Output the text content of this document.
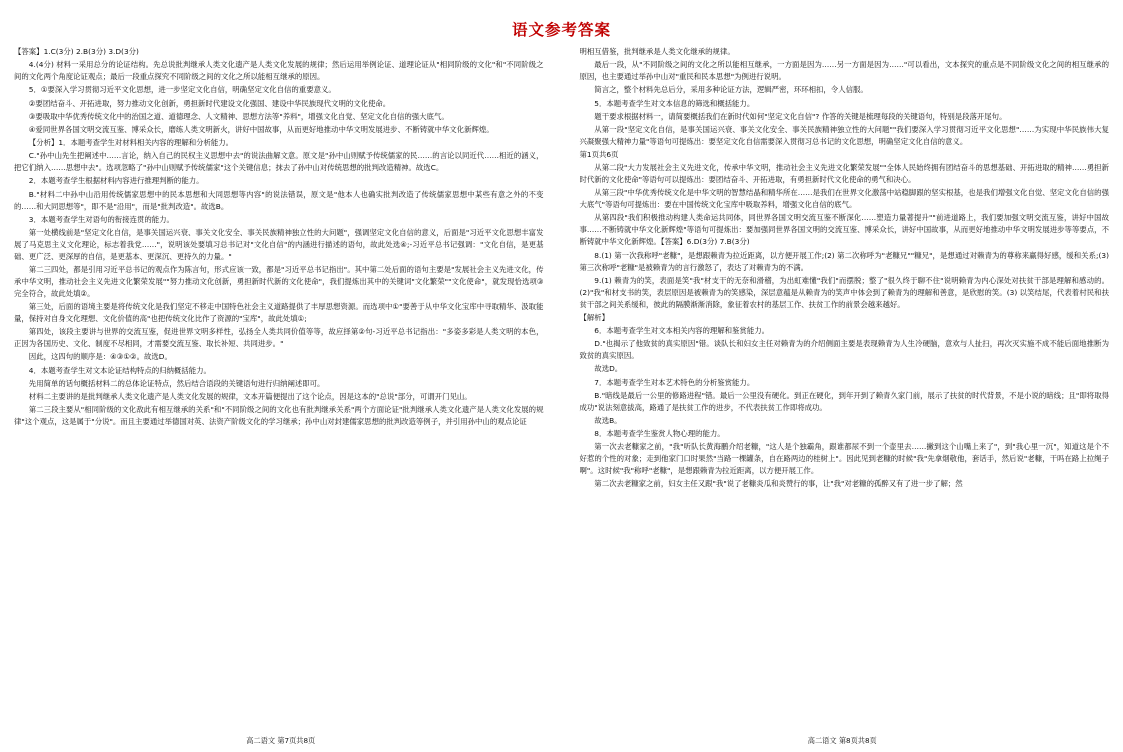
语文参考答案

【答案】1.C(3分) 2.B(3分) 3.D(3分)

4.(4分) 材料一采用总分的论证结构。先总说批判继承人类文化遗产是人类文化发展的规律；然后运用举例论证、道理论证从"相同阶级的文化"和"不同阶级之间的文化两个角度论证观点；最后一段重点探究不同阶级之间的文化之所以能相互继承的原因。

5．①要深入学习贯彻习近平文化思想，进一步坚定文化自信，明确坚定文化自信的重要意义。

②要团结奋斗、开拓进取，努力推动文化创新，勇担新时代建设文化强国、建设中华民族现代文明的文化使命。

③要吸取中华优秀传统文化中的治国之道、道德理念、人文精神、思想方法等"养料"，增强文化自觉、坚定文化自信的强大底气。

④爱同世界各国文明交流互鉴、博采众长，磨练人类文明新火，讲好中国故事，从而更好地推动中华文明发展进步、不断铸就中华文化新辉煌。

【分析】1．本题考查学生对材料相关内容的理解和分析能力。

C."孙中山先生把阐述中……言论，纳入自己的民权主义思想中去"的说法曲解文意。原文是"孙中山则赋予传统儒家的民……的言论以同近代……相近的涵义，把它们纳入……思想中去"。选项忽略了"孙中山则赋予传统儒家"这个关键信息；抹去了孙中山对传统思想的批判改造精神。故选C。

2．本题考查学生根据材料内容进行推理判断的能力。

B."材料二中孙中山沿用传统儒家思想中的民本思想和大同思想等内容"的说法错误，原文是"他本人也确实批判改造了传统儒家思想中某些有意之外的不变的……和大同思想等"，即不是"沿用"，而是"批判改造"。故选B。

3．本题考查学生对语句的衔接连贯的能力。

第一处横线前是"坚定文化自信，是事关国运兴衰、事关文化安全、事关民族精神独立性的大问题"，强调坚定文化自信的意义，后面是"习近平文化思想丰富发展了马克思主义文化理论，标志着我党……"，说明该处要填习总书记对"文化自信"的内涵进行描述的语句，故此处选④;-习近平总书记强调："文化自信，是更基础、更广泛、更深厚的自信，是更基本、更深沉、更持久的力量。"

第二三四处，都是引用习近平总书记的观点作为陈言句，形式应该一致，都是"习近平总书记指出"。其中第二处后面的语句主要是"发展社会主义先进文化，传承中华文明，推动社会主义先进文化繁荣发展""努力推动文化创新，勇担新时代新的文化使命"，我们提炼出其中的关键词"文化繁荣""文化使命"，就发现恰选项③完全符合，故此处填②。

第三处，后面的语境主要是将传统文化是我们坚定不移走中国特色社会主义道路提供了丰厚思想资源。而选项中①"要善于从中华文化宝库中寻取精华、汲取能量，保持对自身文化理想、文化价值的高"也把传统文化比作了资源的"宝库"，故此处填①;

第四处，该段主要讲与世界的交流互鉴，促进世界文明多样性，弘扬全人类共同价值等等，故应择第②句-习近平总书记指出："多姿多彩是人类文明的本色，正因为各国历史、文化、制度不尽相同，才需要交流互鉴、取长补短、共同进步。"

因此，这四句的顺序是：④③①②。故选D。

4．本题考查学生对文本论证结构特点的归纳概括能力。

先用简单的话句概括材料二的总体论证特点，然后结合语段的关键语句进行归纳阐述即可。

材料二主要讲的是批判继承人类文化遗产是人类文化发展的规律，文本开篇便提出了这个论点，因是这本的"总说"部分，可谓开门见山。

第二三段主要从"相同阶级的文化敌此有相互继承的关系"和"不同阶级之间的文化也有批判继承关系"两个方面论证"批判继承人类文化遗产是人类文化发展的规律"这个观点，这是属于"分说"。而且主要通过举德国对英、法资产阶级文化的学习继承；孙中山对封建儒家思想的批判改造等例子，并引用孙中山的观点论证

明相互借鉴，批判继承是人类文化继承的规律。

最后一段，从"不同阶级之间的文化之所以能相互继承，一方面是因为……另一方面是因为……"可以看出，文本探究的重点是不同阶级文化之间的相互继承的原因，也主要通过举孙中山对"重民和民本思想"为例进行说明。

简言之，整个材料先总后分，采用多种论证方法，逻辑严密，环环相扣，令人信服。

5．本题考查学生对文本信息的筛选和概括能力。

题干要求根据材料一，请简要概括我们在新时代如何"坚定文化自信"? 作答的关键是梳理每段的关键语句，特别是段落开尾句。

从第一段"坚定文化自信，是事关国运兴衰、事关文化安全、事关民族精神独立性的大问题""我们要深入学习贯彻习近平文化思想"……为实现中华民族伟大复兴凝聚强大精神力量"等语句可提炼出：要坚定文化自信需要深入贯彻习总书记的文化思想，明确坚定文化自信的意义。

第1页共6页

从第二段"大力发展社会主义先进文化，传承中华文明，推动社会主义先进文化繁荣发展""全体人民始终拥有团结奋斗的思想基础、开拓进取的精神……勇担新时代新的文化使命"等语句可以提炼出：要团结奋斗、开拓进取，有勇担新时代文化使命的勇气和决心。

从第三段"中华优秀传统文化是中华文明的智慧结晶和精华所在……是我们在世界文化激荡中站稳脚跟的坚实根基，也是我们增强文化自觉、坚定文化自信的强大底气"等语句可提炼出：要在中国传统文化宝库中吸取养料，增强文化自信的底气。

从第四段"我们积极推动构建人类命运共同体，同世界各国文明交流互鉴不断深化……塑造力量著提升""前进道路上，我们要加强文明交流互鉴，讲好中国故事……不断铸就中华文化新辉煌"等语句可提炼出：要加强同世界各国文明的交流互鉴、博采众长，讲好中国故事，从而更好地推动中华文明发展进步等等要点，不断铸就中华文化新辉煌。【答案】6.D(3分) 7.B(3分)

8.(1) 第一次我称呼"老糠"，是想跟赖青为拉近距离，以方便开展工作;(2) 第二次称呼为"老糠兄""糠兄"，是想通过对赖青为的尊称来赢得好感，缓和关系;(3) 第三次称呼"老糠"是被赖青为的言行激怒了，表达了对赖青为的不满。

9.(1) 赖青为的笑，表面是笑"我"材支干的无奈和滑稽，为出虹难懂"我们"而摆脱；整了"很久终于聊不住"说明赖青为内心深处对扶贫干部是理解和感动的。(2)"我"和材支书的笑，表层原因是被赖青为的笑感染，深层意蕴是从赖青为的笑声中体会到了赖青为的理解和善意，是欣慰的笑。(3) 以笑结尾，代表着村民和扶贫干部之间关系缓和，彼此的隔膜渐渐消除，象征着农村的基层工作、扶贫工作的前景会越来越好。

【解析】

6．本题考查学生对文本相关内容的理解和鉴赏能力。

D."也揭示了他致贫的真实原因"错。谈队长和妇女主任对赖青为的介绍侧面主要是表现赖青为人生冷硬脑，意欢与人扯扫，再次灭实施不成不能后面地推断为致贫的真实原因。

故选D。

7．本题考查学生对本艺术特色的分析鉴赏能力。

B."暗线是最后一公里的修路进程"错。最后一公里没有硬化。到正在硬化，到年开到了赖青久家门前，展示了扶贫的时代背景，不是小说的暗线；且"即将取得成功"说法刻意拔高，路通了是扶贫工作的进步，不代表扶贫工作即将成功。

故选B。

8．本题考查学生鉴赏人物心理的能力。

第一次去老糠家之前，"我"听队长黄海鹏介绍老糠，"这人是个独霸角，跟谁都尿不到一个壶里去……撇到这个山嘴上来了"，到"我心里一沉"，知道这是个不好惹的个性的对象；走到他家门口时果然"当路一棵罐条，自在路两边的桂树上"。因此见到老糠的时候"我"先拿烟敬他，套话手，然后说"老糠，干吗在路上拉绳子啊"。这时候"我"称呼"老糠"，是想跟赖青为拉近距离，以方便开展工作。

第二次去老糠家之前，妇女主任又跟"我"说了老糠炎瓜和炎赞行的事，让"我"对老糠的孤醉又有了进一步了解；然

高二语文 第7页共8页	高二语文 第8页共8页
